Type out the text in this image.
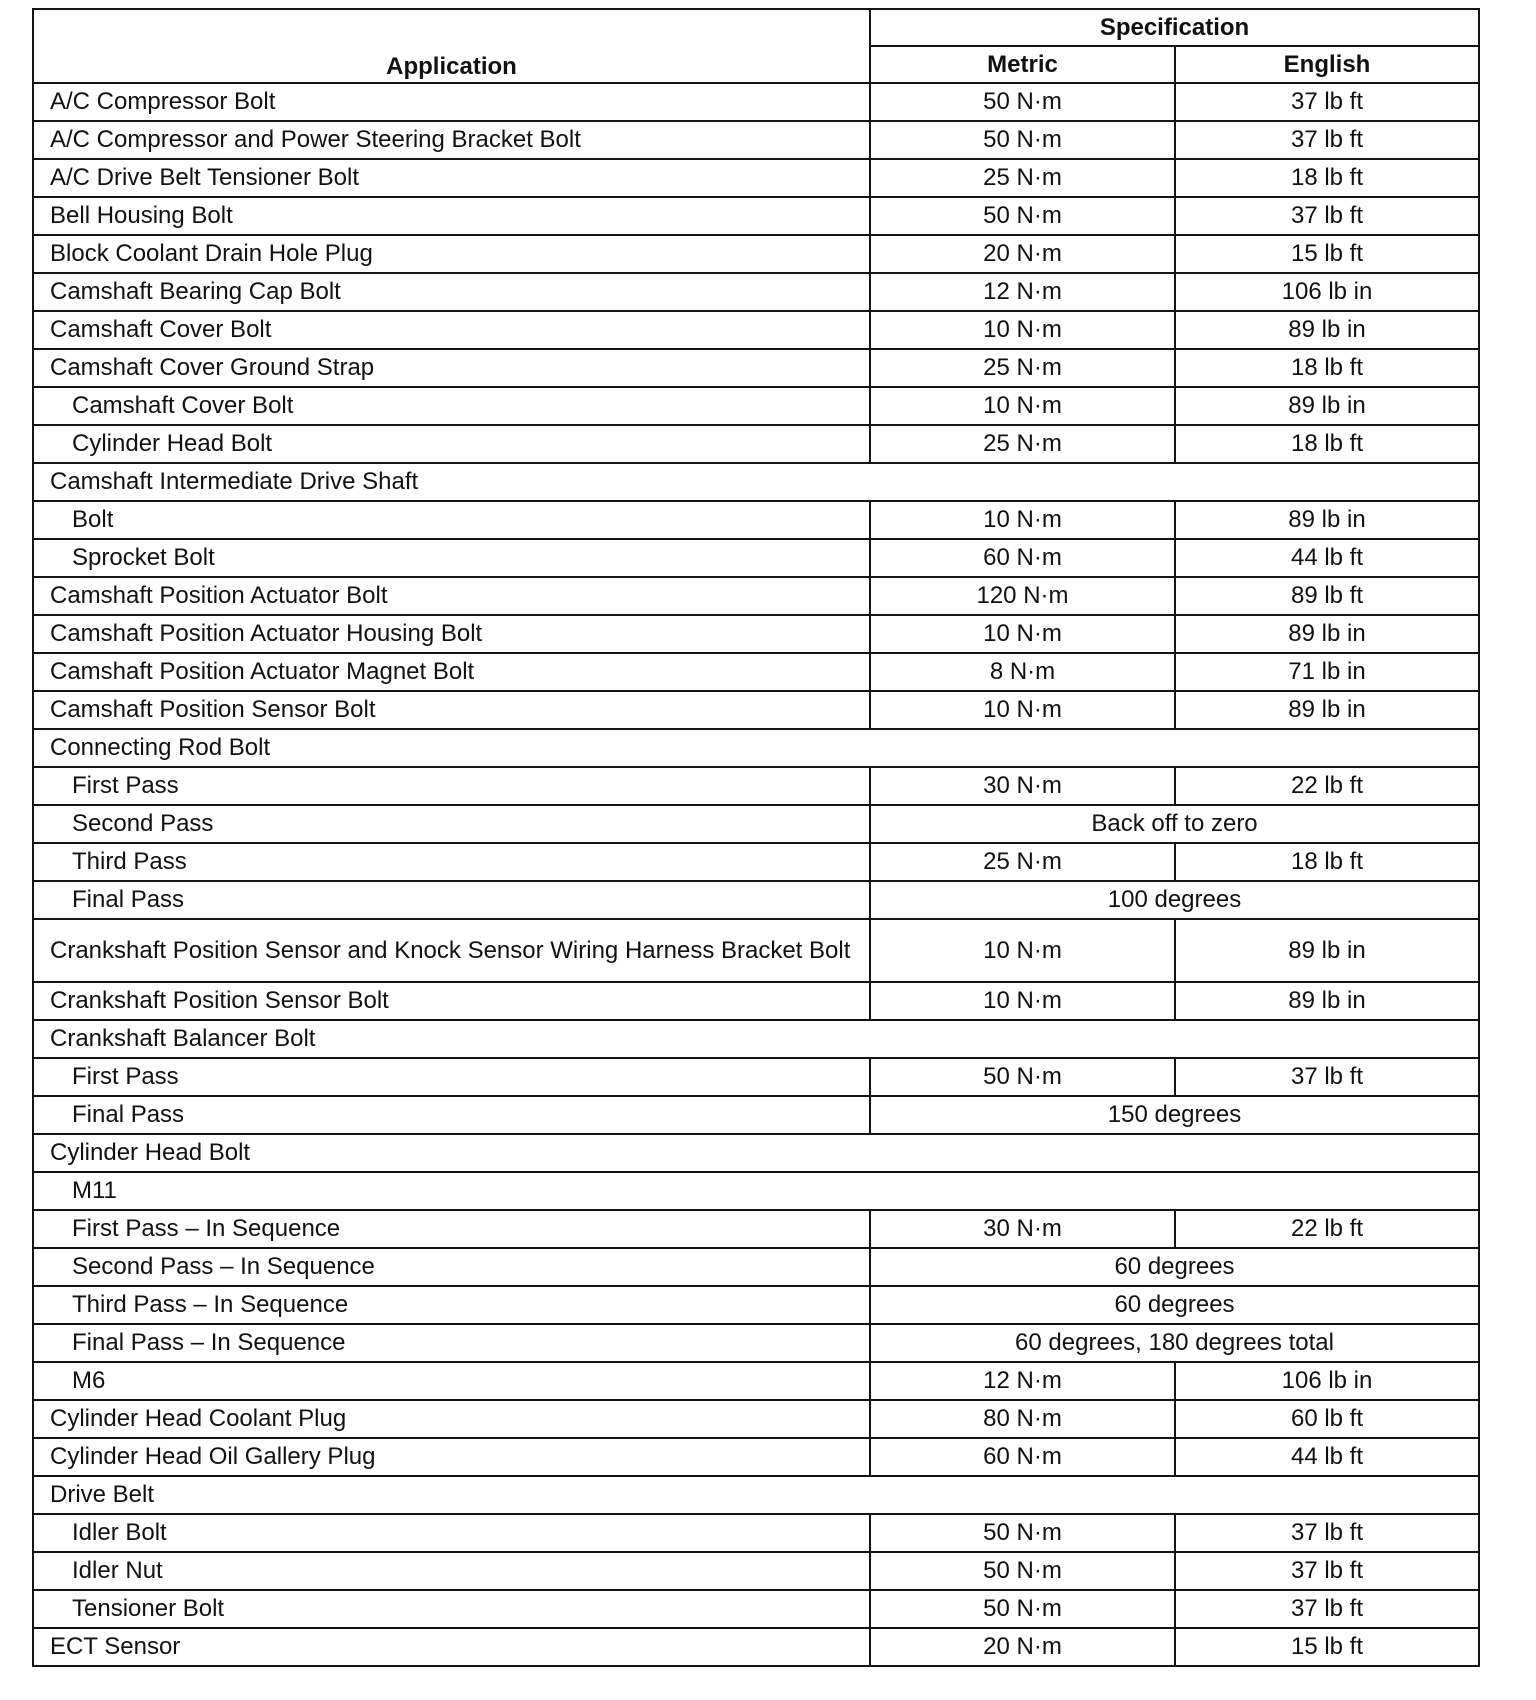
Application	Specification	
	Metric	English
A/C Compressor Bolt	50 N·m	37 lb ft
A/C Compressor and Power Steering Bracket Bolt	50 N·m	37 lb ft
A/C Drive Belt Tensioner Bolt	25 N·m	18 lb ft
Bell Housing Bolt	50 N·m	37 lb ft
Block Coolant Drain Hole Plug	20 N·m	15 lb ft
Camshaft Bearing Cap Bolt	12 N·m	106 lb in
Camshaft Cover Bolt	10 N·m	89 lb in
Camshaft Cover Ground Strap	25 N·m	18 lb ft
Camshaft Cover Bolt	10 N·m	89 lb in
Cylinder Head Bolt	25 N·m	18 lb ft
Camshaft Intermediate Drive Shaft		
Bolt	10 N·m	89 lb in
Sprocket Bolt	60 N·m	44 lb ft
Camshaft Position Actuator Bolt	120 N·m	89 lb ft
Camshaft Position Actuator Housing Bolt	10 N·m	89 lb in
Camshaft Position Actuator Magnet Bolt	8 N·m	71 lb in
Camshaft Position Sensor Bolt	10 N·m	89 lb in
Connecting Rod Bolt		
First Pass	30 N·m	22 lb ft
Second Pass	Back off to zero	
Third Pass	25 N·m	18 lb ft
Final Pass	100 degrees	
Crankshaft Position Sensor and Knock Sensor Wiring Harness Bracket Bolt	10 N·m	89 lb in
Crankshaft Position Sensor Bolt	10 N·m	89 lb in
Crankshaft Balancer Bolt		
First Pass	50 N·m	37 lb ft
Final Pass	150 degrees	
Cylinder Head Bolt		
M11		
First Pass – In Sequence	30 N·m	22 lb ft
Second Pass – In Sequence	60 degrees	
Third Pass – In Sequence	60 degrees	
Final Pass – In Sequence	60 degrees, 180 degrees total	
M6	12 N·m	106 lb in
Cylinder Head Coolant Plug	80 N·m	60 lb ft
Cylinder Head Oil Gallery Plug	60 N·m	44 lb ft
Drive Belt		
Idler Bolt	50 N·m	37 lb ft
Idler Nut	50 N·m	37 lb ft
Tensioner Bolt	50 N·m	37 lb ft
ECT Sensor	20 N·m	15 lb ft
